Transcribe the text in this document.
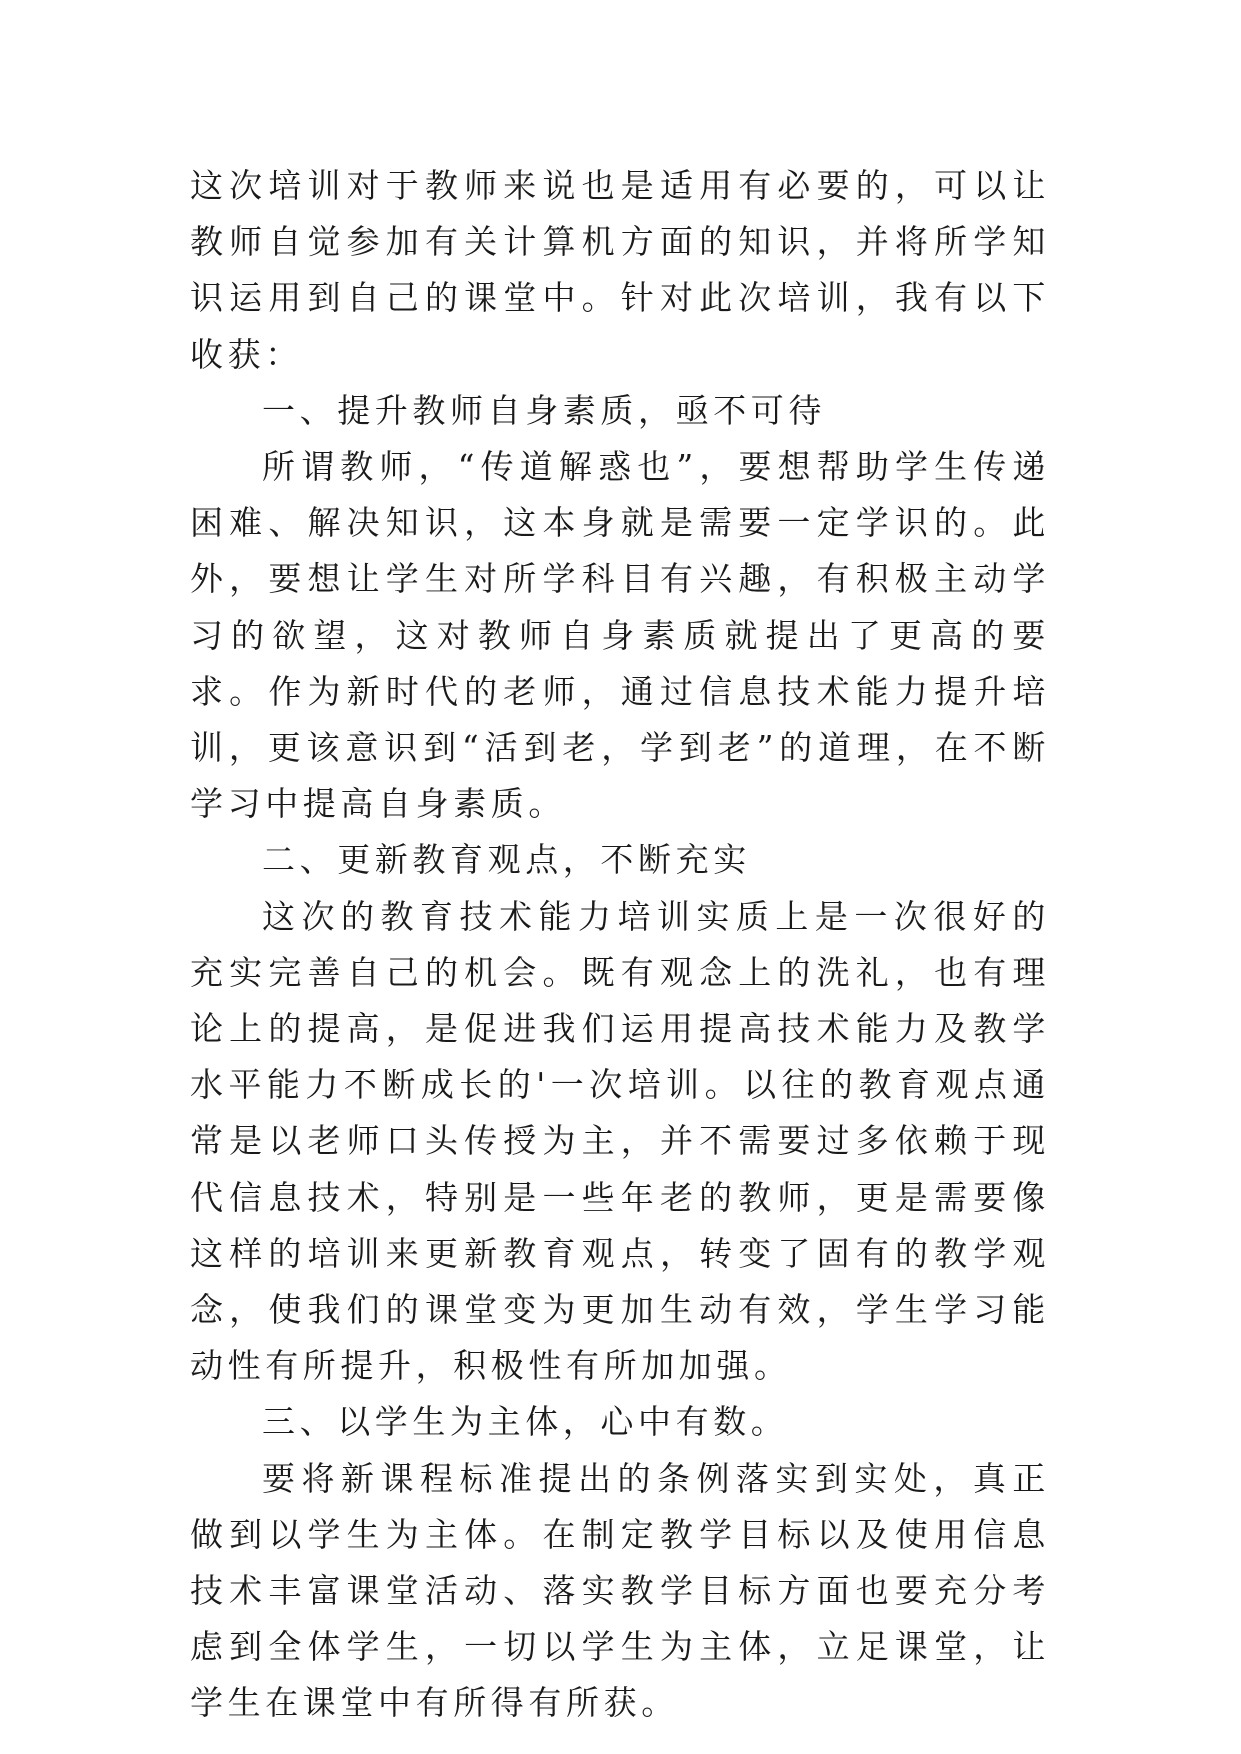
这次培训对于教师来说也是适用有必要的，可以让教师自觉参加有关计算机方面的知识，并将所学知识运用到自己的课堂中。针对此次培训，我有以下收获：

一、提升教师自身素质，亟不可待

所谓教师，“传道解惑也”，要想帮助学生传递困难、解决知识，这本身就是需要一定学识的。此外，要想让学生对所学科目有兴趣，有积极主动学习的欲望，这对教师自身素质就提出了更高的要求。作为新时代的老师，通过信息技术能力提升培训，更该意识到“活到老，学到老”的道理，在不断学习中提高自身素质。

二、更新教育观点，不断充实

这次的教育技术能力培训实质上是一次很好的充实完善自己的机会。既有观念上的洗礼，也有理论上的提高，是促进我们运用提高技术能力及教学水平能力不断成长的'一次培训。以往的教育观点通常是以老师口头传授为主，并不需要过多依赖于现代信息技术，特别是一些年老的教师，更是需要像这样的培训来更新教育观点，转变了固有的教学观念，使我们的课堂变为更加生动有效，学生学习能动性有所提升，积极性有所加加强。

三、以学生为主体，心中有数。

要将新课程标准提出的条例落实到实处，真正做到以学生为主体。在制定教学目标以及使用信息技术丰富课堂活动、落实教学目标方面也要充分考虑到全体学生，一切以学生为主体，立足课堂，让学生在课堂中有所得有所获。
